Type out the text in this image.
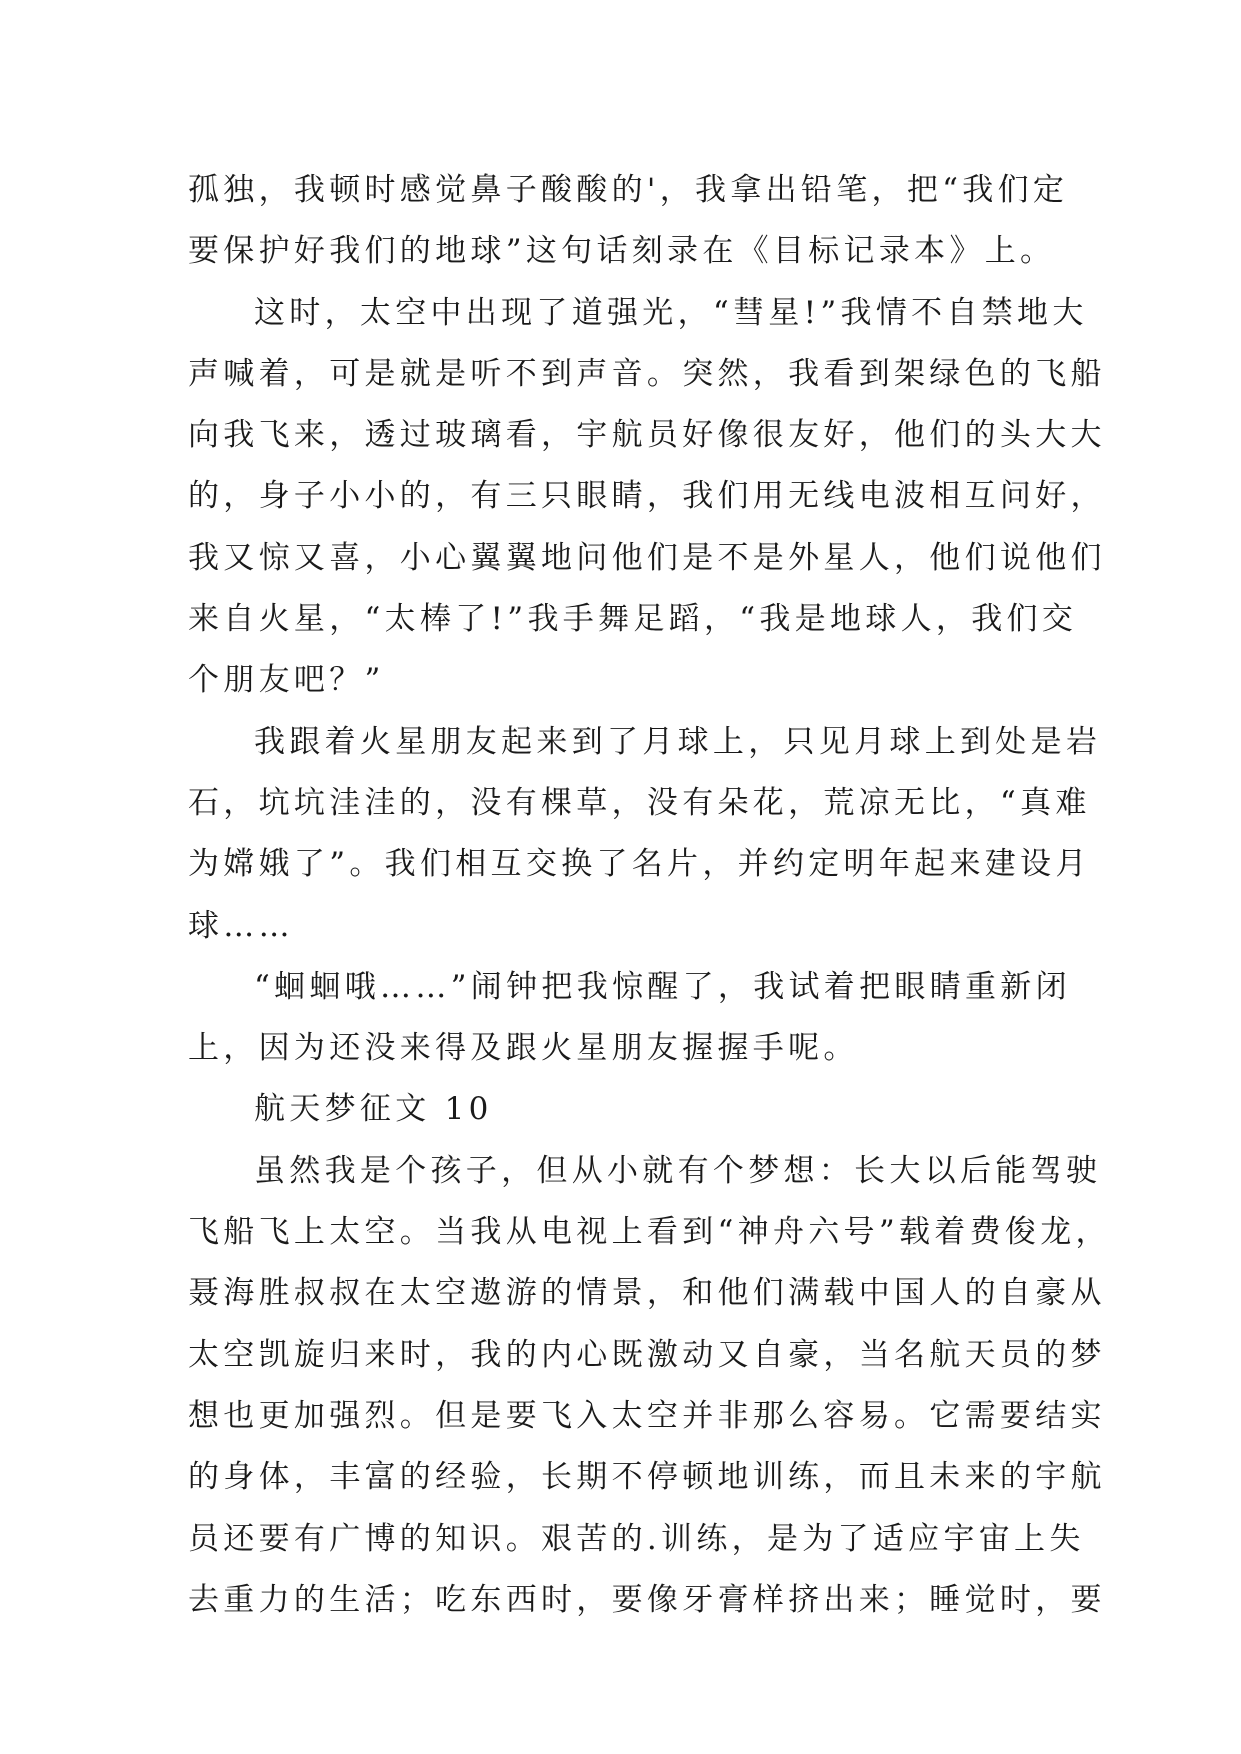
孤独，我顿时感觉鼻子酸酸的'，我拿出铅笔，把“我们定
要保护好我们的地球”这句话刻录在《目标记录本》上。
这时，太空中出现了道强光，“彗星!”我情不自禁地大
声喊着，可是就是听不到声音。突然，我看到架绿色的飞船
向我飞来，透过玻璃看，宇航员好像很友好，他们的头大大
的，身子小小的，有三只眼睛，我们用无线电波相互问好，
我又惊又喜，小心翼翼地问他们是不是外星人，他们说他们
来自火星，“太棒了!”我手舞足蹈，“我是地球人，我们交
个朋友吧？”
我跟着火星朋友起来到了月球上，只见月球上到处是岩
石，坑坑洼洼的，没有棵草，没有朵花，荒凉无比，“真难
为嫦娥了”。我们相互交换了名片，并约定明年起来建设月
球……
“蛔蛔哦……”闹钟把我惊醒了，我试着把眼睛重新闭
上，因为还没来得及跟火星朋友握握手呢。
航天梦征文 10
虽然我是个孩子，但从小就有个梦想：长大以后能驾驶
飞船飞上太空。当我从电视上看到“神舟六号”载着费俊龙，
聂海胜叔叔在太空遨游的情景，和他们满载中国人的自豪从
太空凯旋归来时，我的内心既激动又自豪，当名航天员的梦
想也更加强烈。但是要飞入太空并非那么容易。它需要结实
的身体，丰富的经验，长期不停顿地训练，而且未来的宇航
员还要有广博的知识。艰苦的.训练，是为了适应宇宙上失
去重力的生活；吃东西时，要像牙膏样挤出来；睡觉时，要
